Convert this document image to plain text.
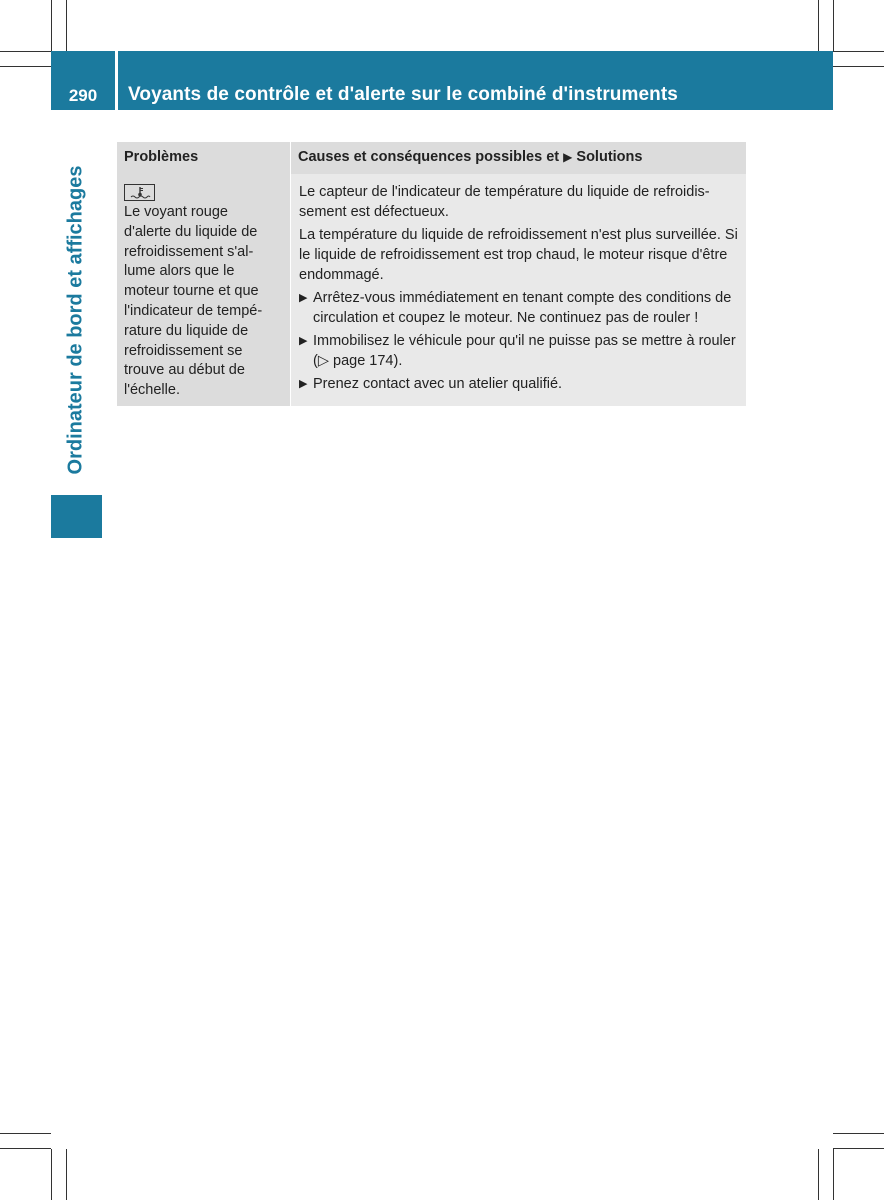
290	Voyants de contrôle et d'alerte sur le combiné d'instruments
Ordinateur de bord et affichages
Problèmes	Causes et conséquences possibles et ▶ Solutions
Le voyant rouge
d'alerte du liquide de
refroidissement s'al-
lume alors que le
moteur tourne et que
l'indicateur de tempé-
rature du liquide de
refroidissement se
trouve au début de
l'échelle.

Le capteur de l'indicateur de température du liquide de refroidis-sement est défectueux.

La température du liquide de refroidissement n'est plus surveillée. Si le liquide de refroidissement est trop chaud, le moteur risque d'être endommagé.

▶ Arrêtez-vous immédiatement en tenant compte des conditions de circulation et coupez le moteur. Ne continuez pas de rouler !
▶ Immobilisez le véhicule pour qu'il ne puisse pas se mettre à rouler (▷ page 174).
▶ Prenez contact avec un atelier qualifié.
